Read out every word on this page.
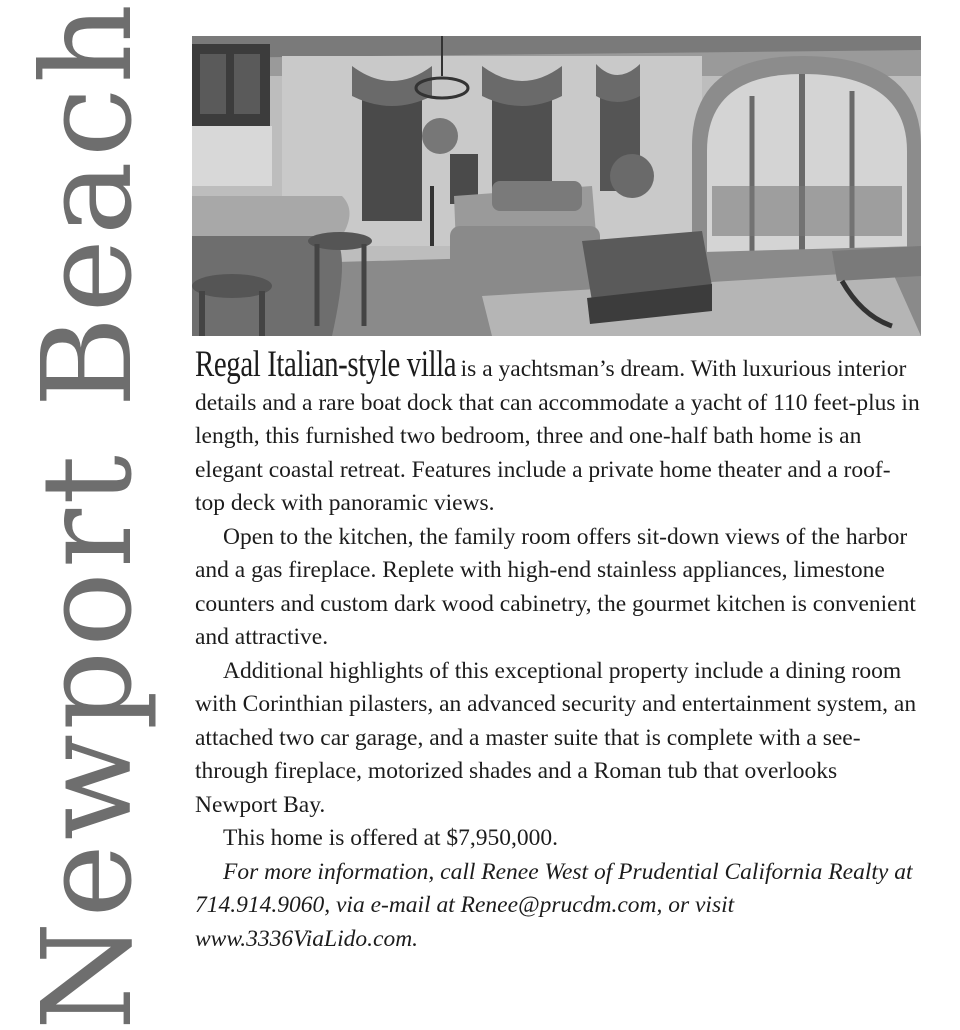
Newport Beach Regal Italian-style villa is a yachtsman’s dream. With luxurious interior details and a rare boat dock that can accommodate a yacht of 110 feet-plus in length, this furnished two bedroom, three and one-half bath home is an elegant coastal retreat. Features include a private home theater and a roof-top deck with panoramic views.

Open to the kitchen, the family room offers sit-down views of the harbor and a gas fireplace. Replete with high-end stainless appliances, limestone counters and custom dark wood cabinetry, the gourmet kitchen is convenient and attractive.

Additional highlights of this exceptional property include a dining room with Corinthian pilasters, an advanced security and entertainment system, an attached two car garage, and a master suite that is complete with a see-through fireplace, motorized shades and a Roman tub that overlooks Newport Bay.

This home is offered at $7,950,000.

For more information, call Renee West of Prudential California Realty at 714.914.9060, via e-mail at Renee@prucdm.com, or visit www.3336ViaLido.com.
